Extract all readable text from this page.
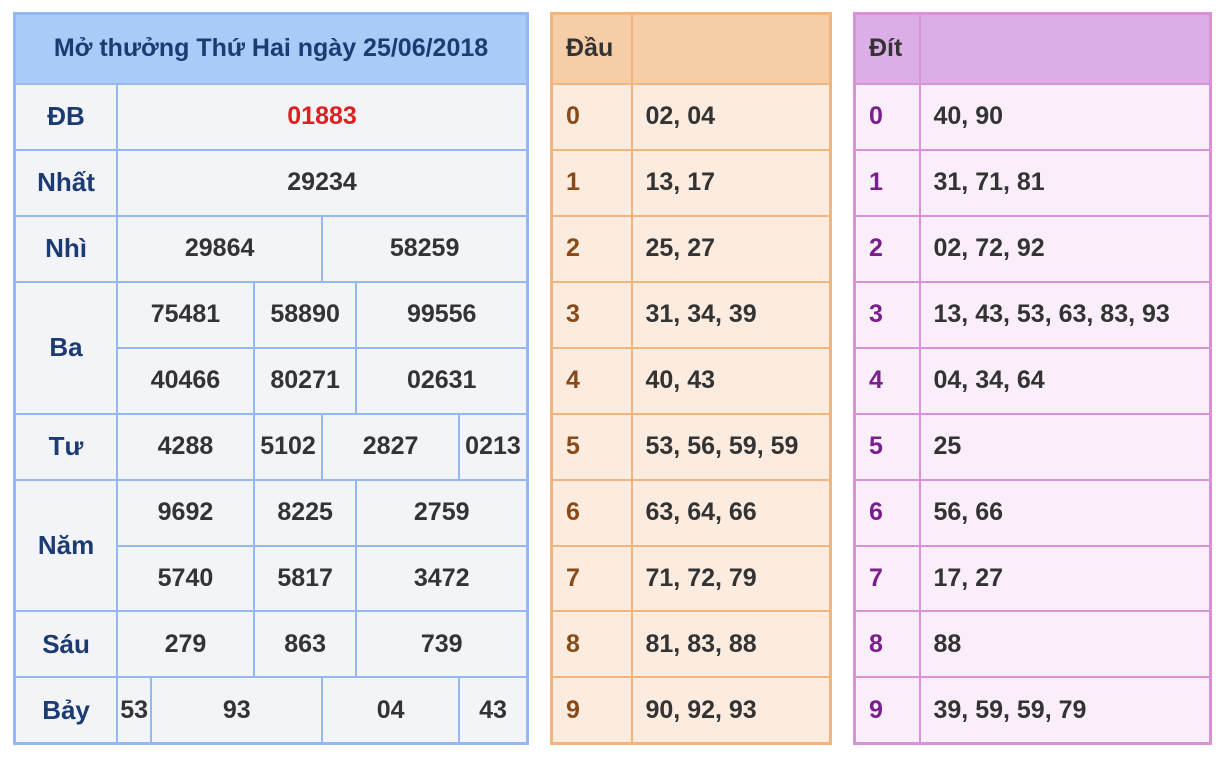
Mở thưởng Thứ Hai ngày 25/06/2018						
ĐB	01883					
Nhất	29234					
Nhì	29864			58259		
Ba	75481		58890		99556	
	40466		80271		02631	
Tư	4288		5102	2827		0213
Năm	9692		8225		2759	
	5740		5817		3472	
Sáu	279		863		739	
Bảy	53	93		04		43
Đầu	
0	02, 04
1	13, 17
2	25, 27
3	31, 34, 39
4	40, 43
5	53, 56, 59, 59
6	63, 64, 66
7	71, 72, 79
8	81, 83, 88
9	90, 92, 93
Đít	
0	40, 90
1	31, 71, 81
2	02, 72, 92
3	13, 43, 53, 63, 83, 93
4	04, 34, 64
5	25
6	56, 66
7	17, 27
8	88
9	39, 59, 59, 79
